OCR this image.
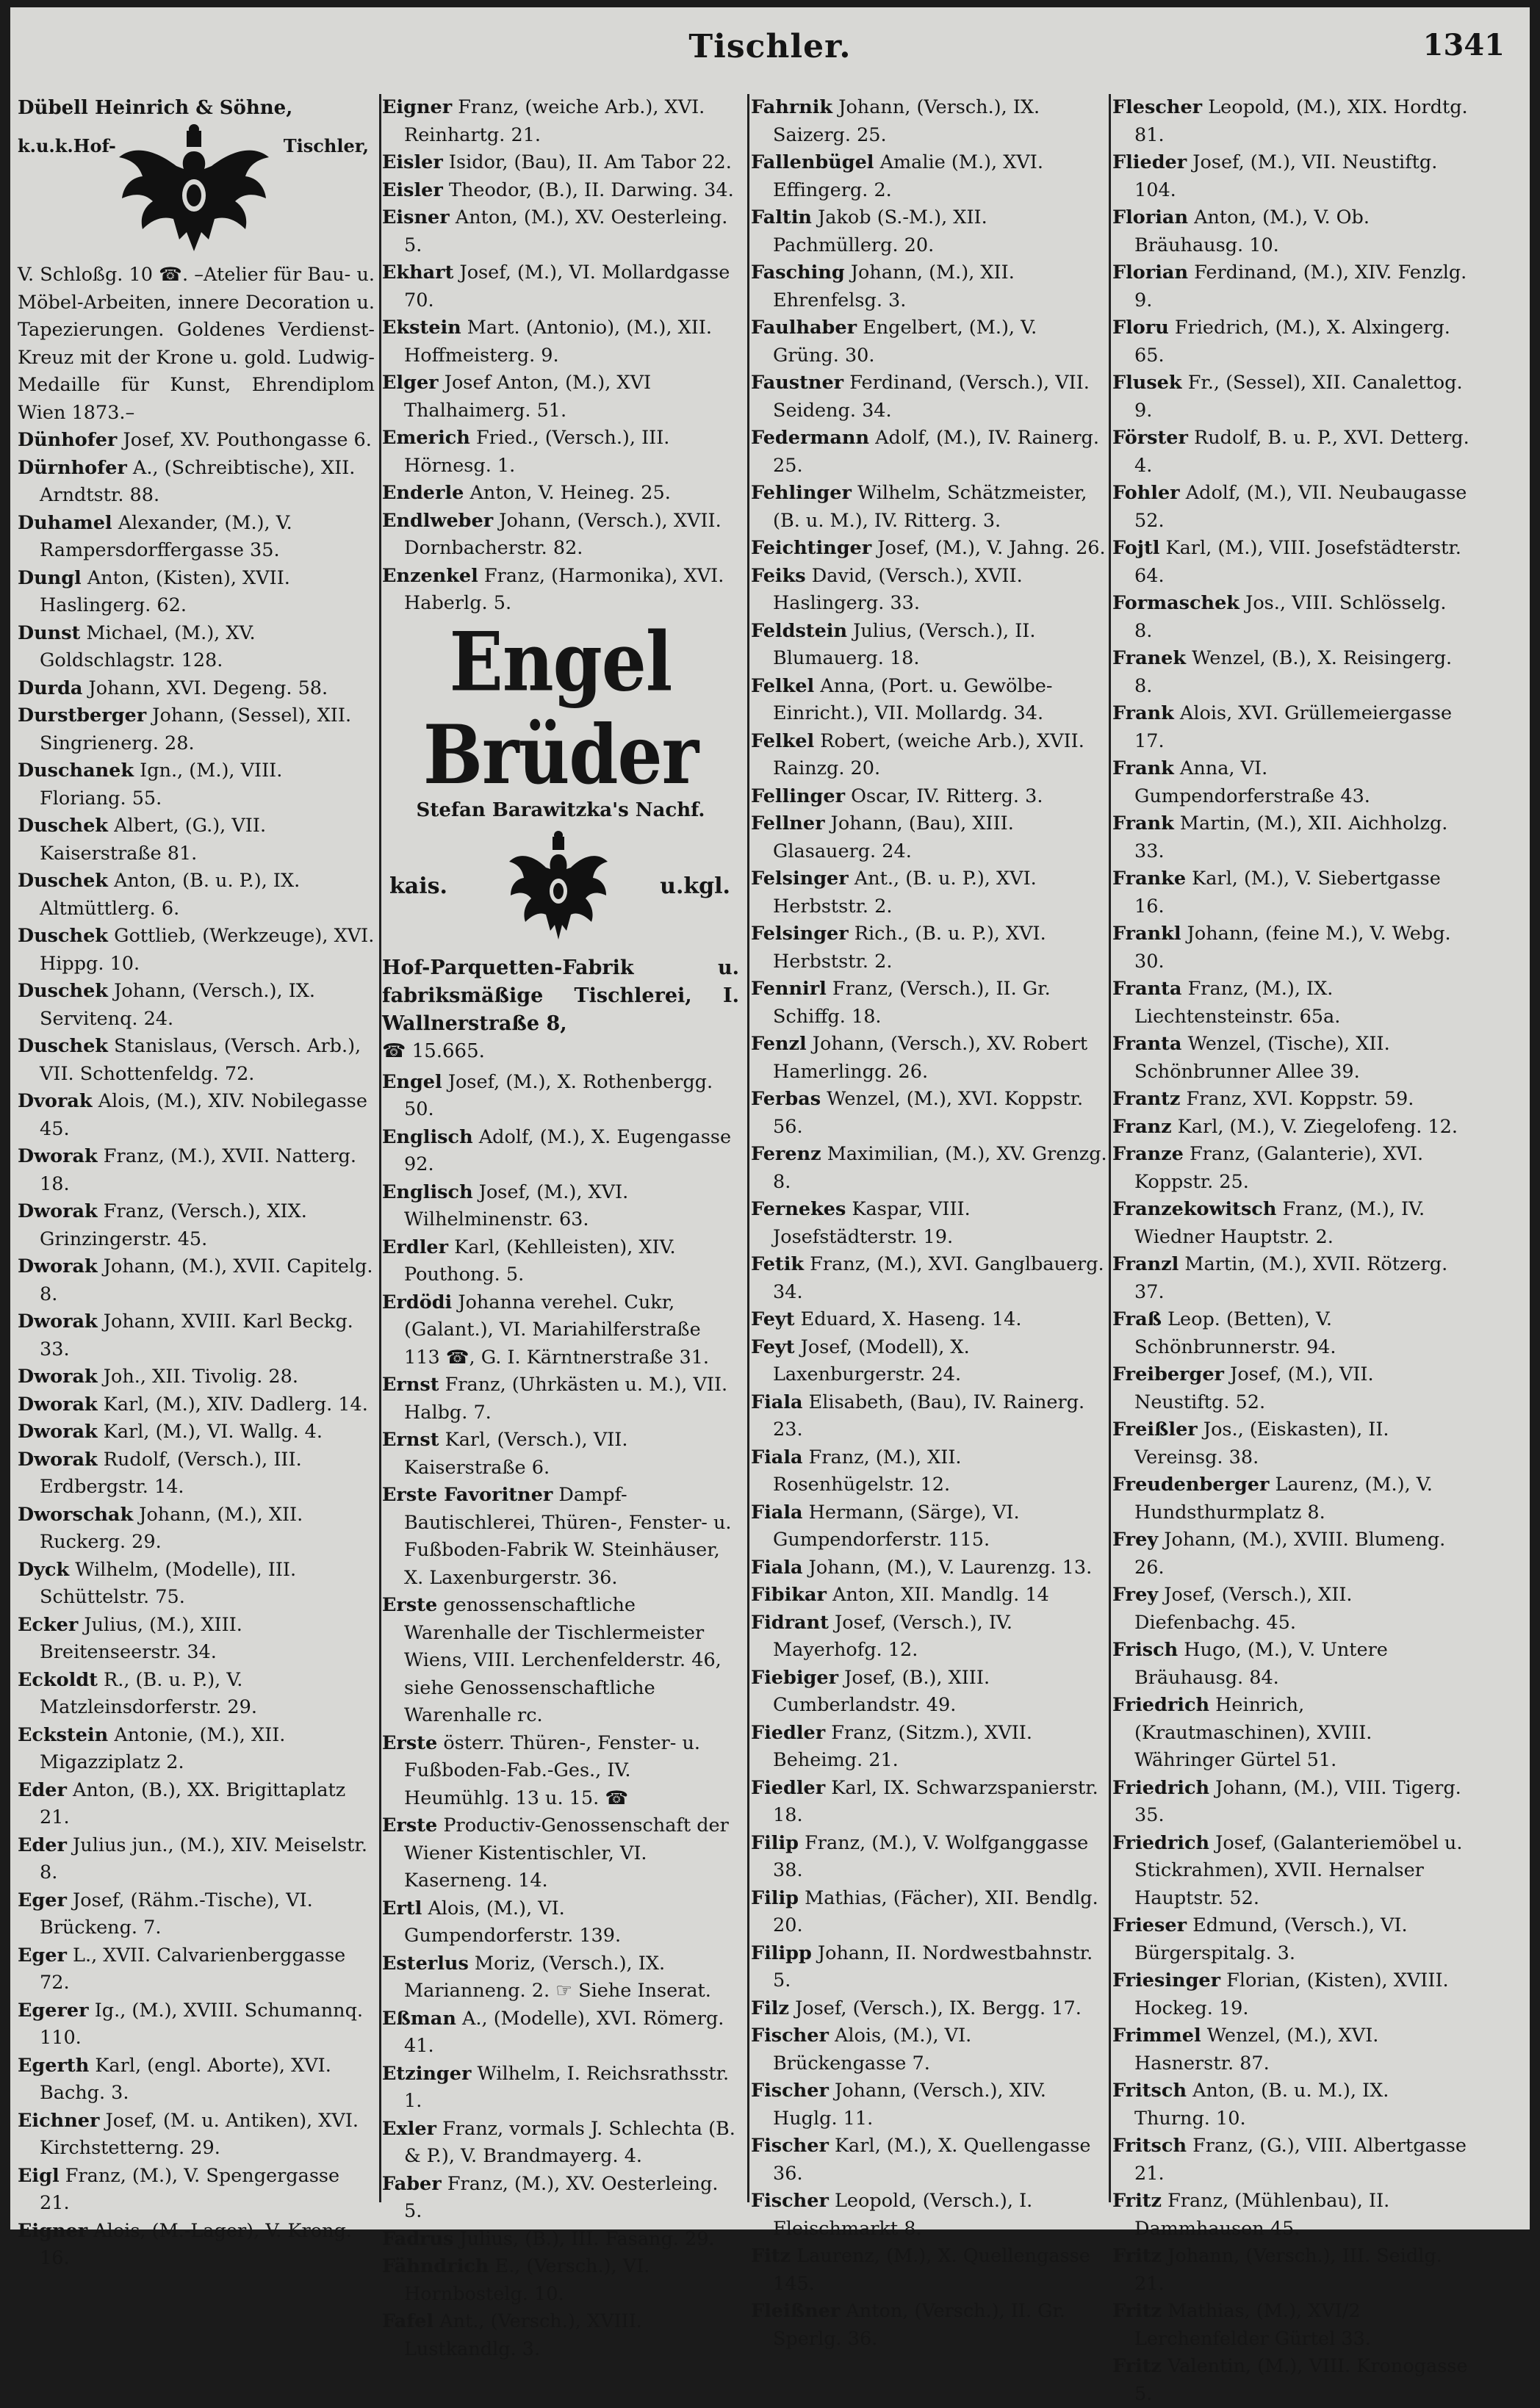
Tischler.	1341
Dübell Heinrich & Söhne,
k.u.k.Hof-	Tischler,
V. Schloßg. 10 ☎. –Atelier für Bau- u. Möbel-Arbeiten, innere Decoration u. Tapezierungen. Goldenes Verdienst-Kreuz mit der Krone u. gold. Ludwig-Medaille für Kunst, Ehrendiplom Wien 1873.–

Dünhofer Josef, XV. Pouthongasse 6.

Dürnhofer A., (Schreibtische), XII. Arndtstr. 88.

Duhamel Alexander, (M.), V. Rampersdorffergasse 35.

Dungl Anton, (Kisten), XVII. Haslingerg. 62.

Dunst Michael, (M.), XV. Goldschlagstr. 128.

Durda Johann, XVI. Degeng. 58.

Durstberger Johann, (Sessel), XII. Singrienerg. 28.

Duschanek Ign., (M.), VIII. Floriang. 55.

Duschek Albert, (G.), VII. Kaiserstraße 81.

Duschek Anton, (B. u. P.), IX. Altmüttlerg. 6.

Duschek Gottlieb, (Werkzeuge), XVI. Hippg. 10.

Duschek Johann, (Versch.), IX. Servitenq. 24.

Duschek Stanislaus, (Versch. Arb.), VII. Schottenfeldg. 72.

Dvorak Alois, (M.), XIV. Nobilegasse 45.

Dworak Franz, (M.), XVII. Natterg. 18.

Dworak Franz, (Versch.), XIX. Grinzingerstr. 45.

Dworak Johann, (M.), XVII. Capitelg. 8.

Dworak Johann, XVIII. Karl Beckg. 33.

Dworak Joh., XII. Tivolig. 28.

Dworak Karl, (M.), XIV. Dadlerg. 14.

Dworak Karl, (M.), VI. Wallg. 4.

Dworak Rudolf, (Versch.), III. Erdbergstr. 14.

Dworschak Johann, (M.), XII. Ruckerg. 29.

Dyck Wilhelm, (Modelle), III. Schüttelstr. 75.

Ecker Julius, (M.), XIII. Breitenseerstr. 34.

Eckoldt R., (B. u. P.), V. Matzleinsdorferstr. 29.

Eckstein Antonie, (M.), XII. Migazziplatz 2.

Eder Anton, (B.), XX. Brigittaplatz 21.

Eder Julius jun., (M.), XIV. Meiselstr. 8.

Eger Josef, (Rähm.-Tische), VI. Brückeng. 7.

Eger L., XVII. Calvarienberggasse 72.

Egerer Ig., (M.), XVIII. Schumannq. 110.

Egerth Karl, (engl. Aborte), XVI. Bachg. 3.

Eichner Josef, (M. u. Antiken), XVI. Kirchstetterng. 29.

Eigl Franz, (M.), V. Spengergasse 21.

Eigner Alois, (M.-Lager), V. Krong. 16.

Eigner Franz, (weiche Arb.), XVI. Reinhartg. 21.

Eisler Isidor, (Bau), II. Am Tabor 22.

Eisler Theodor, (B.), II. Darwing. 34.

Eisner Anton, (M.), XV. Oesterleing. 5.

Ekhart Josef, (M.), VI. Mollardgasse 70.

Ekstein Mart. (Antonio), (M.), XII. Hoffmeisterg. 9.

Elger Josef Anton, (M.), XVI Thalhaimerg. 51.

Emerich Fried., (Versch.), III. Hörnesg. 1.

Enderle Anton, V. Heineg. 25.

Endlweber Johann, (Versch.), XVII. Dornbacherstr. 82.

Enzenkel Franz, (Harmonika), XVI. Haberlg. 5.

Engel Brüder
Stefan Barawitzka's Nachf.
kais.	u.kgl.

Hof-Parquetten-Fabrik u. fabriksmäßige Tischlerei, I. Wallnerstraße 8,

☎ 15.665.

Engel Josef, (M.), X. Rothenbergg. 50.

Englisch Adolf, (M.), X. Eugengasse 92.

Englisch Josef, (M.), XVI. Wilhelminenstr. 63.

Erdler Karl, (Kehlleisten), XIV. Pouthong. 5.

Erdödi Johanna verehel. Cukr, (Galant.), VI. Mariahilferstraße 113 ☎, G. I. Kärntnerstraße 31.

Ernst Franz, (Uhrkästen u. M.), VII. Halbg. 7.

Ernst Karl, (Versch.), VII. Kaiserstraße 6.

Erste Favoritner Dampf-Bautischlerei, Thüren-, Fenster- u. Fußboden-Fabrik W. Steinhäuser, X. Laxenburgerstr. 36.

Erste genossenschaftliche Warenhalle der Tischlermeister Wiens, VIII. Lerchenfelderstr. 46, siehe Genossenschaftliche Warenhalle rc.

Erste österr. Thüren-, Fenster- u. Fußboden-Fab.-Ges., IV. Heumühlg. 13 u. 15. ☎

Erste Productiv-Genossenschaft der Wiener Kistentischler, VI. Kaserneng. 14.

Ertl Alois, (M.), VI. Gumpendorferstr. 139.

Esterlus Moriz, (Versch.), IX. Marianneng. 2. ☞ Siehe Inserat.

Eßman A., (Modelle), XVI. Römerg. 41.

Etzinger Wilhelm, I. Reichsrathsstr. 1.

Exler Franz, vormals J. Schlechta (B. & P.), V. Brandmayerg. 4.

Faber Franz, (M.), XV. Oesterleing. 5.

Fadrus Julius, (B.), III. Fasang. 29.

Fähndrich E., (Versch.), VI. Hornbostelg. 10.

Fafel Ant., (Versch.), XVIII. Lustkandlg. 3.

Fahrnik Johann, (Versch.), IX. Saizerg. 25.

Fallenbügel Amalie (M.), XVI. Effingerg. 2.

Faltin Jakob (S.-M.), XII. Pachmüllerg. 20.

Fasching Johann, (M.), XII. Ehrenfelsg. 3.

Faulhaber Engelbert, (M.), V. Grüng. 30.

Faustner Ferdinand, (Versch.), VII. Seideng. 34.

Federmann Adolf, (M.), IV. Rainerg. 25.

Fehlinger Wilhelm, Schätzmeister, (B. u. M.), IV. Ritterg. 3.

Feichtinger Josef, (M.), V. Jahng. 26.

Feiks David, (Versch.), XVII. Haslingerg. 33.

Feldstein Julius, (Versch.), II. Blumauerg. 18.

Felkel Anna, (Port. u. Gewölbe-Einricht.), VII. Mollardg. 34.

Felkel Robert, (weiche Arb.), XVII. Rainzg. 20.

Fellinger Oscar, IV. Ritterg. 3.

Fellner Johann, (Bau), XIII. Glasauerg. 24.

Felsinger Ant., (B. u. P.), XVI. Herbststr. 2.

Felsinger Rich., (B. u. P.), XVI. Herbststr. 2.

Fennirl Franz, (Versch.), II. Gr. Schiffg. 18.

Fenzl Johann, (Versch.), XV. Robert Hamerlingg. 26.

Ferbas Wenzel, (M.), XVI. Koppstr. 56.

Ferenz Maximilian, (M.), XV. Grenzg. 8.

Fernekes Kaspar, VIII. Josefstädterstr. 19.

Fetik Franz, (M.), XVI. Ganglbauerg. 34.

Feyt Eduard, X. Haseng. 14.

Feyt Josef, (Modell), X. Laxenburgerstr. 24.

Fiala Elisabeth, (Bau), IV. Rainerg. 23.

Fiala Franz, (M.), XII. Rosenhügelstr. 12.

Fiala Hermann, (Särge), VI. Gumpendorferstr. 115.

Fiala Johann, (M.), V. Laurenzg. 13.

Fibikar Anton, XII. Mandlg. 14

Fidrant Josef, (Versch.), IV. Mayerhofg. 12.

Fiebiger Josef, (B.), XIII. Cumberlandstr. 49.

Fiedler Franz, (Sitzm.), XVII. Beheimg. 21.

Fiedler Karl, IX. Schwarzspanierstr. 18.

Filip Franz, (M.), V. Wolfganggasse 38.

Filip Mathias, (Fächer), XII. Bendlg. 20.

Filipp Johann, II. Nordwestbahnstr. 5.

Filz Josef, (Versch.), IX. Bergg. 17.

Fischer Alois, (M.), VI. Brückengasse 7.

Fischer Johann, (Versch.), XIV. Huglg. 11.

Fischer Karl, (M.), X. Quellengasse 36.

Fischer Leopold, (Versch.), I. Fleischmarkt 8.

Fitz Laurenz, (M.), X. Quellengasse 145.

Fleißner Anton, (Versch.), II. Gr. Sperlg. 36.

Flescher Leopold, (M.), XIX. Hordtg. 81.

Flieder Josef, (M.), VII. Neustiftg. 104.

Florian Anton, (M.), V. Ob. Bräuhausg. 10.

Florian Ferdinand, (M.), XIV. Fenzlg. 9.

Floru Friedrich, (M.), X. Alxingerg. 65.

Flusek Fr., (Sessel), XII. Canalettog. 9.

Förster Rudolf, B. u. P., XVI. Detterg. 4.

Fohler Adolf, (M.), VII. Neubaugasse 52.

Fojtl Karl, (M.), VIII. Josefstädterstr. 64.

Formaschek Jos., VIII. Schlösselg. 8.

Franek Wenzel, (B.), X. Reisingerg. 8.

Frank Alois, XVI. Grüllemeiergasse 17.

Frank Anna, VI. Gumpendorferstraße 43.

Frank Martin, (M.), XII. Aichholzg. 33.

Franke Karl, (M.), V. Siebertgasse 16.

Frankl Johann, (feine M.), V. Webg. 30.

Franta Franz, (M.), IX. Liechtensteinstr. 65a.

Franta Wenzel, (Tische), XII. Schönbrunner Allee 39.

Frantz Franz, XVI. Koppstr. 59.

Franz Karl, (M.), V. Ziegelofeng. 12.

Franze Franz, (Galanterie), XVI. Koppstr. 25.

Franzekowitsch Franz, (M.), IV. Wiedner Hauptstr. 2.

Franzl Martin, (M.), XVII. Rötzerg. 37.

Fraß Leop. (Betten), V. Schönbrunnerstr. 94.

Freiberger Josef, (M.), VII. Neustiftg. 52.

Freißler Jos., (Eiskasten), II. Vereinsg. 38.

Freudenberger Laurenz, (M.), V. Hundsthurmplatz 8.

Frey Johann, (M.), XVIII. Blumeng. 26.

Frey Josef, (Versch.), XII. Diefenbachg. 45.

Frisch Hugo, (M.), V. Untere Bräuhausg. 84.

Friedrich Heinrich, (Krautmaschinen), XVIII. Währinger Gürtel 51.

Friedrich Johann, (M.), VIII. Tigerg. 35.

Friedrich Josef, (Galanteriemöbel u. Stickrahmen), XVII. Hernalser Hauptstr. 52.

Frieser Edmund, (Versch.), VI. Bürgerspitalg. 3.

Friesinger Florian, (Kisten), XVIII. Hockeg. 19.

Frimmel Wenzel, (M.), XVI. Hasnerstr. 87.

Fritsch Anton, (B. u. M.), IX. Thurng. 10.

Fritsch Franz, (G.), VIII. Albertgasse 21.

Fritz Franz, (Mühlenbau), II. Dammhausen 45.

Fritz Johann, (Versch.), III. Seidlg. 21.

Fritz Mathias, (M.), XVI/2 Lerchenfelder Gürtel 33.

Fritz Valentin, (M.), VIII. Kronogasse 5.
